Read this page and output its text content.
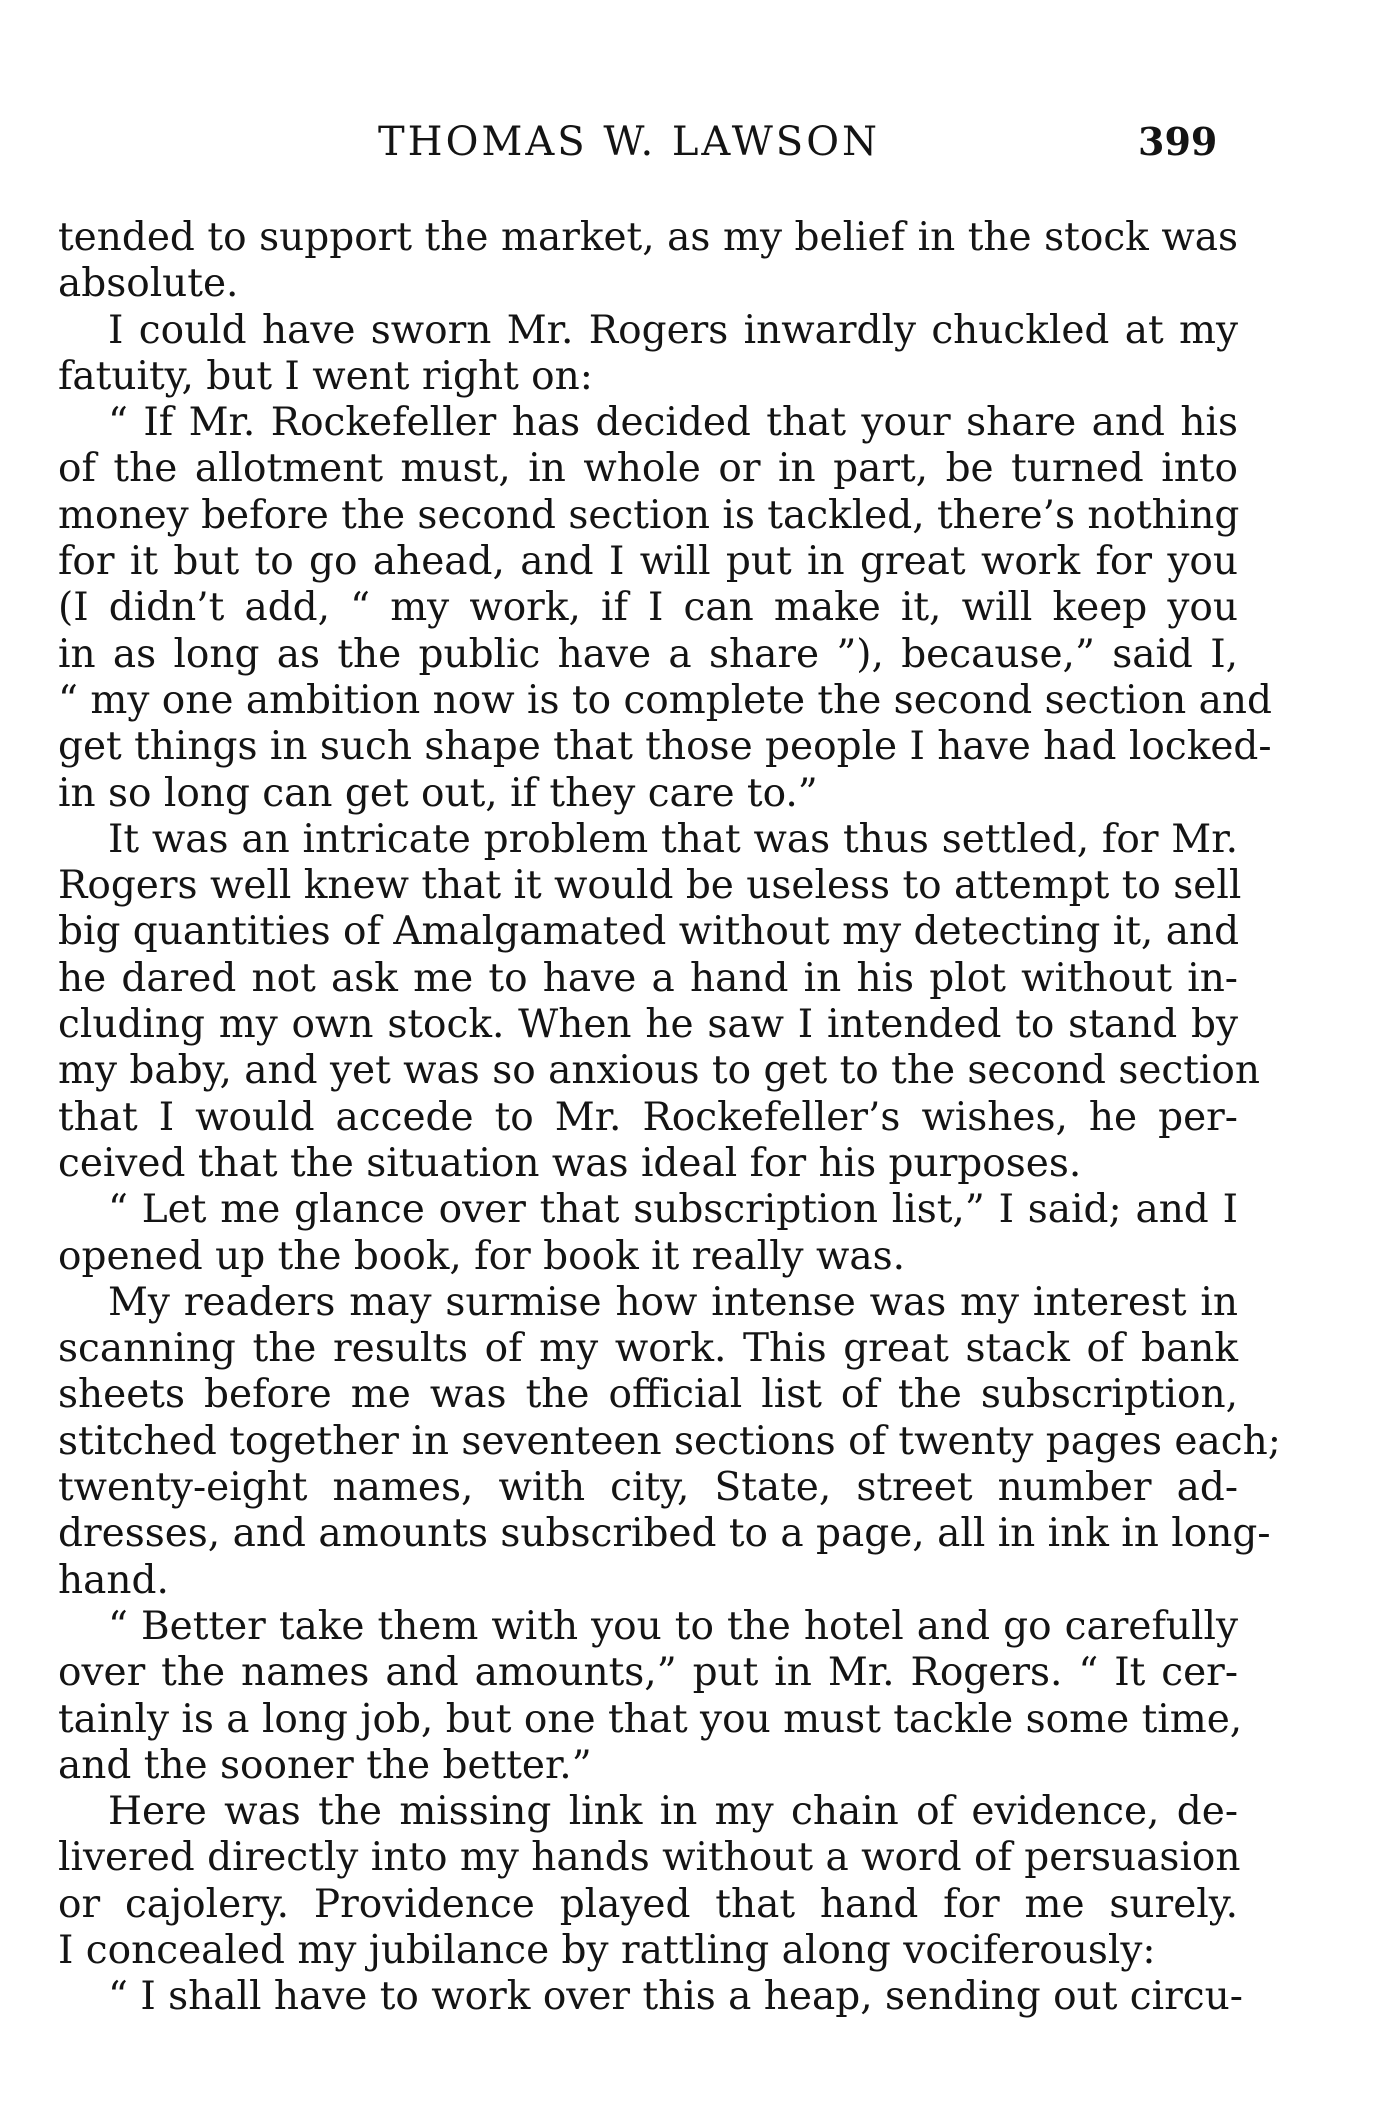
THOMAS W. LAWSON	399
tended to support the market, as my belief in the stock was
absolute.
I could have sworn Mr. Rogers inwardly chuckled at my
fatuity, but I went right on:
“ If Mr. Rockefeller has decided that your share and his
of the allotment must, in whole or in part, be turned into
money before the second section is tackled, there’s nothing
for it but to go ahead, and I will put in great work for you
(I didn’t add, “ my work, if I can make it, will keep you
in as long as the public have a share ”), because,” said I,
“ my one ambition now is to complete the second section and
get things in such shape that those people I have had locked-
in so long can get out, if they care to.”
It was an intricate problem that was thus settled, for Mr.
Rogers well knew that it would be useless to attempt to sell
big quantities of Amalgamated without my detecting it, and
he dared not ask me to have a hand in his plot without in-
cluding my own stock. When he saw I intended to stand by
my baby, and yet was so anxious to get to the second section
that I would accede to Mr. Rockefeller’s wishes, he per-
ceived that the situation was ideal for his purposes.
“ Let me glance over that subscription list,” I said; and I
opened up the book, for book it really was.
My readers may surmise how intense was my interest in
scanning the results of my work. This great stack of bank
sheets before me was the official list of the subscription,
stitched together in seventeen sections of twenty pages each;
twenty-eight names, with city, State, street number ad-
dresses, and amounts subscribed to a page, all in ink in long-
hand.
“ Better take them with you to the hotel and go carefully
over the names and amounts,” put in Mr. Rogers. “ It cer-
tainly is a long job, but one that you must tackle some time,
and the sooner the better.”
Here was the missing link in my chain of evidence, de-
livered directly into my hands without a word of persuasion
or cajolery. Providence played that hand for me surely.
I concealed my jubilance by rattling along vociferously:
“ I shall have to work over this a heap, sending out circu-
